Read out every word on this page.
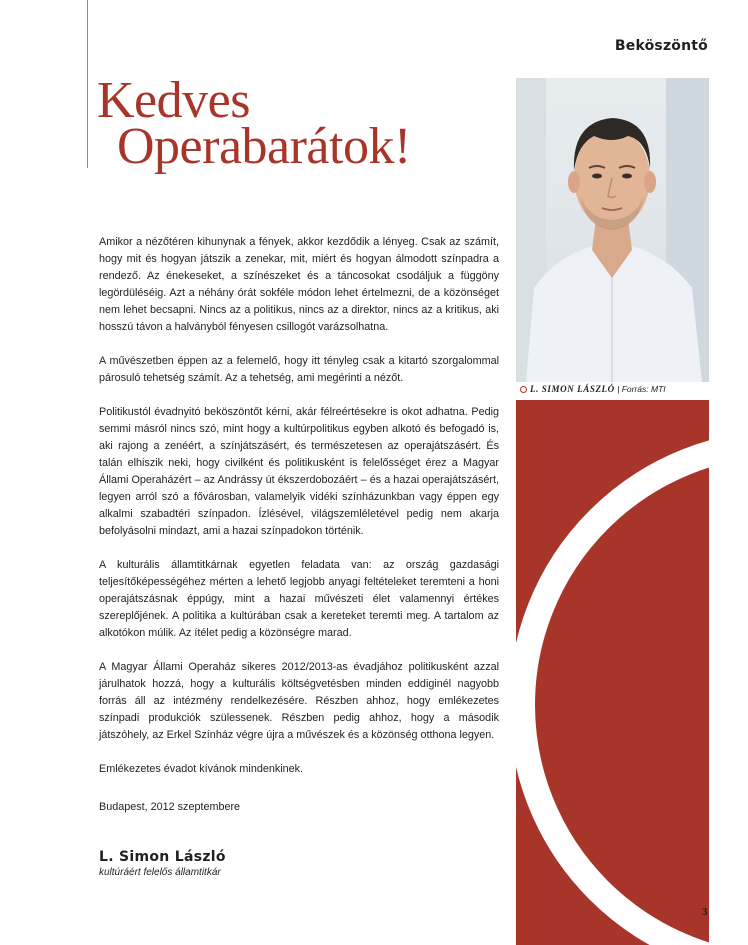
Beköszöntő
Kedves
Operabarátok!
L. SIMON LÁSZLÓ | Forrás: MTI

Amikor a nézőtéren kihunynak a fények, akkor kezdődik a lényeg. Csak az számít, hogy mit és hogyan játszik a zenekar, mit, miért és hogyan álmodott színpadra a rendező. Az énekeseket, a színészeket és a táncosokat csodáljuk a függöny legördüléséig. Azt a néhány órát sokféle módon lehet értelmezni, de a közönséget nem lehet becsapni. Nincs az a politikus, nincs az a direktor, nincs az a kritikus, aki hosszú távon a halványból fényesen csillogót varázsolhatna.

A művészetben éppen az a felemelő, hogy itt tényleg csak a kitartó szorgalommal párosuló tehetség számít. Az a tehetség, ami megérinti a nézőt.

Politikustól évadnyitó beköszöntőt kérni, akár félreértésekre is okot adhatna. Pedig semmi másról nincs szó, mint hogy a kultúrpolitikus egyben alkotó és befogadó is, aki rajong a zenéért, a színjátszásért, és természetesen az operajátszásért. És talán elhiszik neki, hogy civilként és politikusként is felelősséget érez a Magyar Állami Operaházért – az Andrássy út ékszerdobozáért – és a hazai operajátszásért, legyen arról szó a fővárosban, valamelyik vidéki színházunkban vagy éppen egy alkalmi szabadtéri színpadon. Ízlésével, világszemléletével pedig nem akarja befolyásolni mindazt, ami a hazai színpadokon történik.

A kulturális államtitkárnak egyetlen feladata van: az ország gazdasági teljesítőképességéhez mérten a lehető legjobb anyagi feltételeket teremteni a honi operajátszásnak éppúgy, mint a hazai művészeti élet valamennyi értékes szereplőjének. A politika a kultúrában csak a kereteket teremti meg. A tartalom az alkotókon múlik. Az ítélet pedig a közönségre marad.

A Magyar Állami Operaház sikeres 2012/2013-as évadjához politikusként azzal járulhatok hozzá, hogy a kulturális költségvetésben minden eddiginél nagyobb forrás áll az intézmény rendelkezésére. Részben ahhoz, hogy emlékezetes színpadi produkciók szülessenek. Részben pedig ahhoz, hogy a második játszóhely, az Erkel Színház végre újra a művészek és a közönség otthona legyen.

Emlékezetes évadot kívánok mindenkinek.

Budapest, 2012 szeptembere
L. Simon László
kultúráért felelős államtitkár
3
